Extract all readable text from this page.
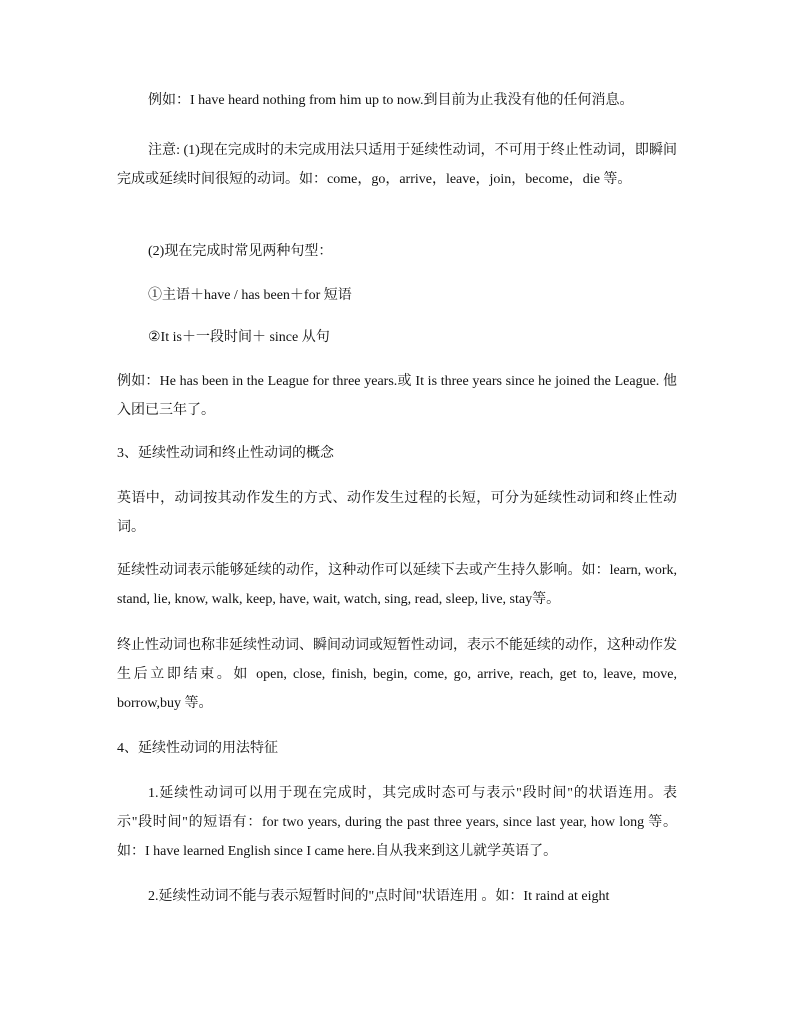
例如：I have heard nothing from him up to now.到目前为止我没有他的任何消息。

注意: (1)现在完成时的未完成用法只适用于延续性动词，不可用于终止性动词，即瞬间完成或延续时间很短的动词。如：come，go，arrive，leave，join，become，die 等。

(2)现在完成时常见两种句型：

①主语＋have / has been＋for 短语

②It is＋一段时间＋ since 从句

例如：He has been in the League for three years.或 It is three years since he joined the League. 他入团已三年了。

3、延续性动词和终止性动词的概念

英语中，动词按其动作发生的方式、动作发生过程的长短，可分为延续性动词和终止性动词。

延续性动词表示能够延续的动作，这种动作可以延续下去或产生持久影响。如：learn, work, stand, lie, know, walk, keep, have, wait, watch, sing, read, sleep, live, stay等。

终止性动词也称非延续性动词、瞬间动词或短暂性动词，表示不能延续的动作，这种动作发生后立即结束。如 open, close, finish, begin, come, go, arrive, reach, get to, leave, move, borrow,buy 等。

4、延续性动词的用法特征

1.延续性动词可以用于现在完成时，其完成时态可与表示"段时间"的状语连用。表示"段时间"的短语有：for two years, during the past three years, since last year, how long 等。如：I have learned English since I came here.自从我来到这儿就学英语了。

2.延续性动词不能与表示短暂时间的"点时间"状语连用 。如：It raind at eight
